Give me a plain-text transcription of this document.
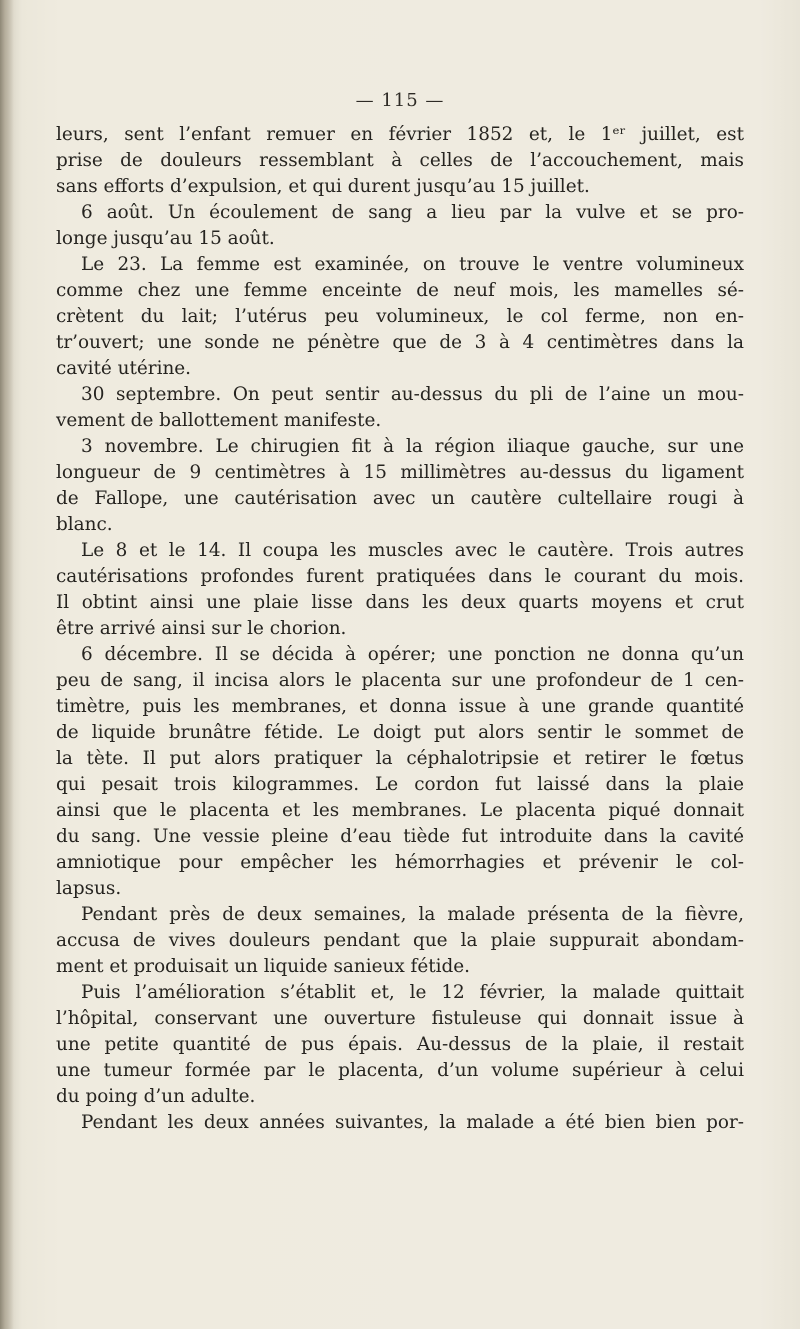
— 115 —
leurs, sent l’enfant remuer en février 1852 et, le 1ᵉʳ juillet, est
prise de douleurs ressemblant à celles de l’accouchement, mais
sans efforts d’expulsion, et qui durent jusqu’au 15 juillet.
6 août. Un écoulement de sang a lieu par la vulve et se pro-
longe jusqu’au 15 août.
Le 23. La femme est examinée, on trouve le ventre volumineux
comme chez une femme enceinte de neuf mois, les mamelles sé-
crètent du lait; l’utérus peu volumineux, le col ferme, non en-
tr’ouvert; une sonde ne pénètre que de 3 à 4 centimètres dans la
cavité utérine.
30 septembre. On peut sentir au-dessus du pli de l’aine un mou-
vement de ballottement manifeste.
3 novembre. Le chirugien fit à la région iliaque gauche, sur une
longueur de 9 centimètres à 15 millimètres au-dessus du ligament
de Fallope, une cautérisation avec un cautère cultellaire rougi à
blanc.
Le 8 et le 14. Il coupa les muscles avec le cautère. Trois autres
cautérisations profondes furent pratiquées dans le courant du mois.
Il obtint ainsi une plaie lisse dans les deux quarts moyens et crut
être arrivé ainsi sur le chorion.
6 décembre. Il se décida à opérer; une ponction ne donna qu’un
peu de sang, il incisa alors le placenta sur une profondeur de 1 cen-
timètre, puis les membranes, et donna issue à une grande quantité
de liquide brunâtre fétide. Le doigt put alors sentir le sommet de
la tète. Il put alors pratiquer la céphalotripsie et retirer le fœtus
qui pesait trois kilogrammes. Le cordon fut laissé dans la plaie
ainsi que le placenta et les membranes. Le placenta piqué donnait
du sang. Une vessie pleine d’eau tiède fut introduite dans la cavité
amniotique pour empêcher les hémorrhagies et prévenir le col-
lapsus.
Pendant près de deux semaines, la malade présenta de la fièvre,
accusa de vives douleurs pendant que la plaie suppurait abondam-
ment et produisait un liquide sanieux fétide.
Puis l’amélioration s’établit et, le 12 février, la malade quittait
l’hôpital, conservant une ouverture fistuleuse qui donnait issue à
une petite quantité de pus épais. Au-dessus de la plaie, il restait
une tumeur formée par le placenta, d’un volume supérieur à celui
du poing d’un adulte.
Pendant les deux années suivantes, la malade a été bien bien por-
